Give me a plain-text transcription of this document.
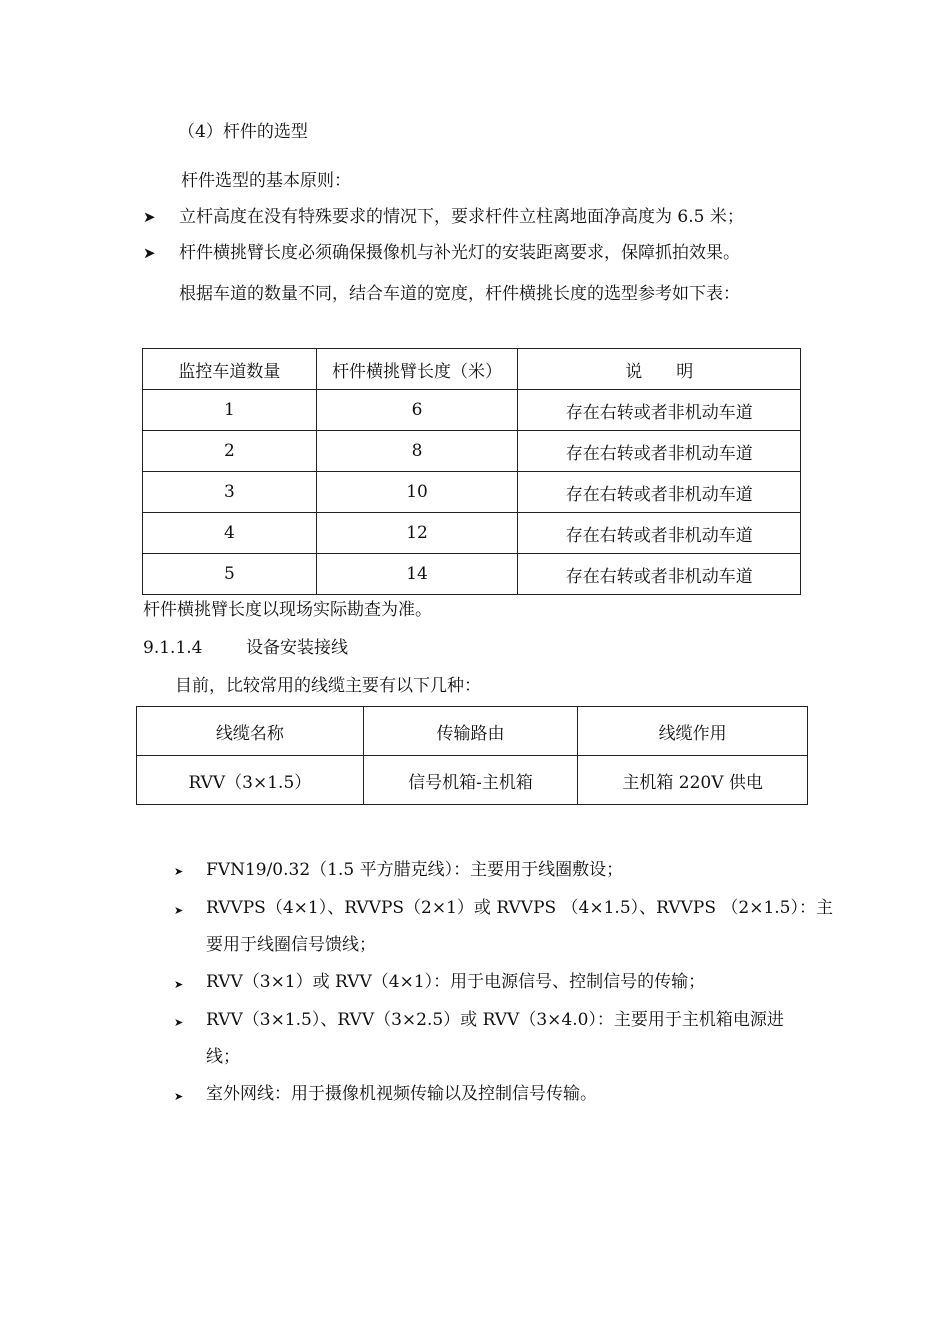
（4）杆件的选型
杆件选型的基本原则：
➤ 立杆高度在没有特殊要求的情况下，要求杆件立柱离地面净高度为 6.5 米；
➤ 杆件横挑臂长度必须确保摄像机与补光灯的安装距离要求，保障抓拍效果。
根据车道的数量不同，结合车道的宽度，杆件横挑长度的选型参考如下表：
监控车道数量	杆件横挑臂长度（米）	说　　明
1	6	存在右转或者非机动车道
2	8	存在右转或者非机动车道
3	10	存在右转或者非机动车道
4	12	存在右转或者非机动车道
5	14	存在右转或者非机动车道
杆件横挑臂长度以现场实际勘查为准。
9.1.1.4	设备安装接线
目前，比较常用的线缆主要有以下几种：
线缆名称	传输路由	线缆作用
RVV（3×1.5）	信号机箱-主机箱	主机箱 220V 供电
➤ FVN19/0.32（1.5 平方腊克线）：主要用于线圈敷设；
➤ RVVPS（4×1）、RVVPS（2×1）或 RVVPS （4×1.5）、RVVPS （2×1.5）：主
要用于线圈信号馈线；
➤ RVV（3×1）或 RVV（4×1）：用于电源信号、控制信号的传输；
➤ RVV（3×1.5）、RVV（3×2.5）或 RVV（3×4.0）：主要用于主机箱电源进
线；
➤ 室外网线：用于摄像机视频传输以及控制信号传输。
